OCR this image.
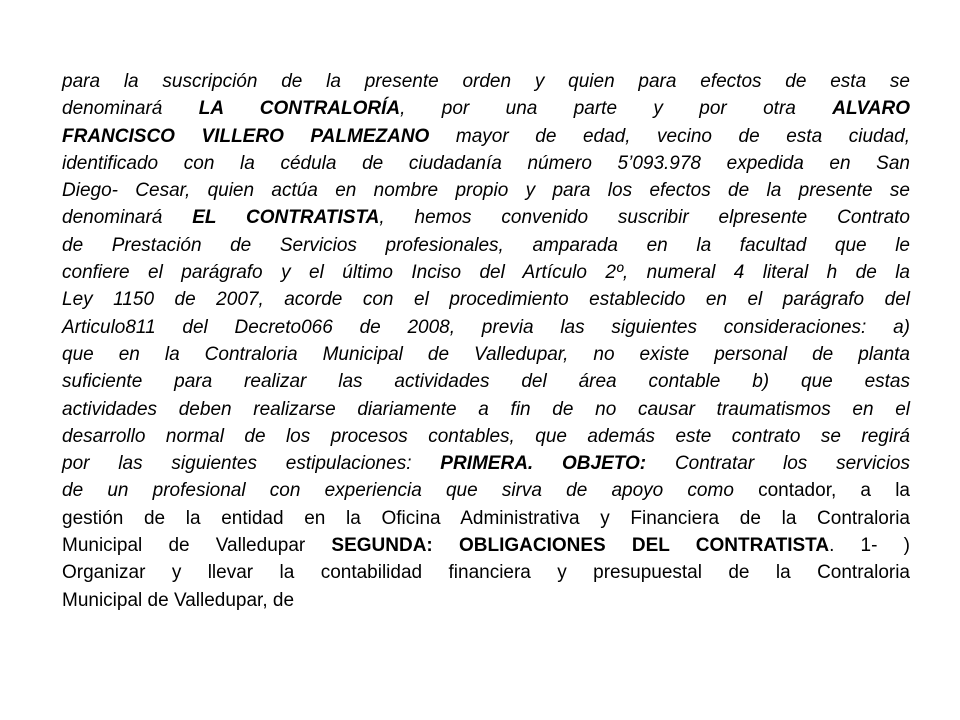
para la suscripción de la presente orden y quien para efectos de esta se
denominará LA CONTRALORÍA, por una parte y por otra ALVARO
FRANCISCO VILLERO PALMEZANO mayor de edad, vecino de esta ciudad,
identificado con la cédula de ciudadanía número 5’093.978 expedida en San
Diego- Cesar, quien actúa en nombre propio y para los efectos de la presente se
denominará EL CONTRATISTA, hemos convenido suscribir elpresente Contrato
de Prestación de Servicios profesionales, amparada en la facultad que le
confiere el parágrafo y el último Inciso del Artículo 2º, numeral 4 literal h de la
Ley 1150 de 2007, acorde con el procedimiento establecido en el parágrafo del
Articulo811 del Decreto066 de 2008, previa las siguientes consideraciones: a)
que en la Contraloria Municipal de Valledupar, no existe personal de planta
suficiente para realizar las actividades del área contable b) que estas
actividades deben realizarse diariamente a fin de no causar traumatismos en el
desarrollo normal de los procesos contables, que además este contrato se regirá
por las siguientes estipulaciones: PRIMERA. OBJETO: Contratar los servicios
de un profesional con experiencia que sirva de apoyo como contador, a la
gestión de la entidad en la Oficina Administrativa y Financiera de la Contraloria
Municipal de Valledupar SEGUNDA: OBLIGACIONES DEL CONTRATISTA. 1- )
Organizar y llevar la contabilidad financiera y presupuestal de la Contraloria
Municipal de Valledupar, de
